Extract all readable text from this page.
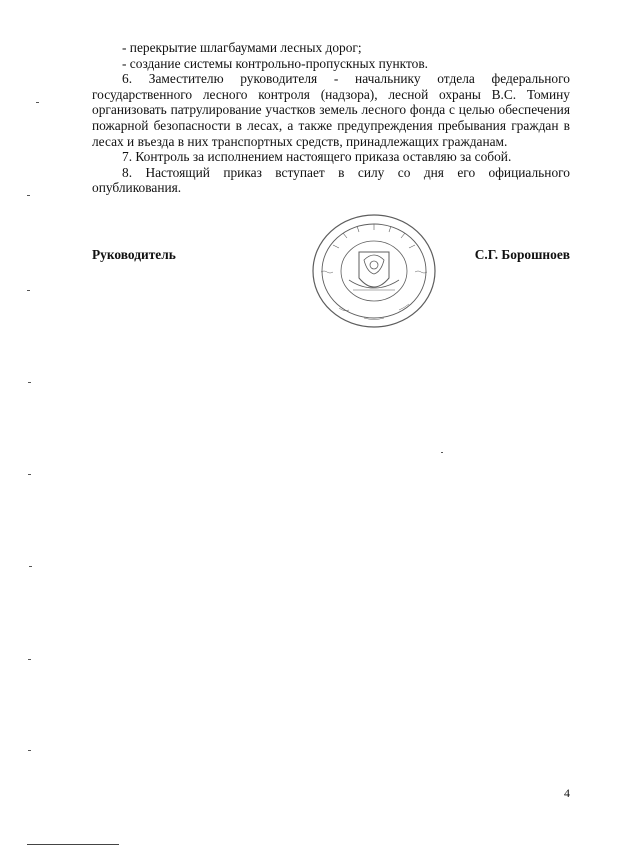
- перекрытие шлагбаумами лесных дорог;

- создание системы контрольно-пропускных пунктов.

6. Заместителю руководителя - начальнику отдела федерального государственного лесного контроля (надзора), лесной охраны В.С. Томину организовать патрулирование участков земель лесного фонда с целью обеспечения пожарной безопасности в лесах, а также предупреждения пребывания граждан в лесах и въезда в них транспортных средств, принадлежащих гражданам.

7. Контроль за исполнением настоящего приказа оставляю за собой.

8. Настоящий приказ вступает в силу со дня его официального опубликования.

Руководитель	С.Г. Борошноев
4
